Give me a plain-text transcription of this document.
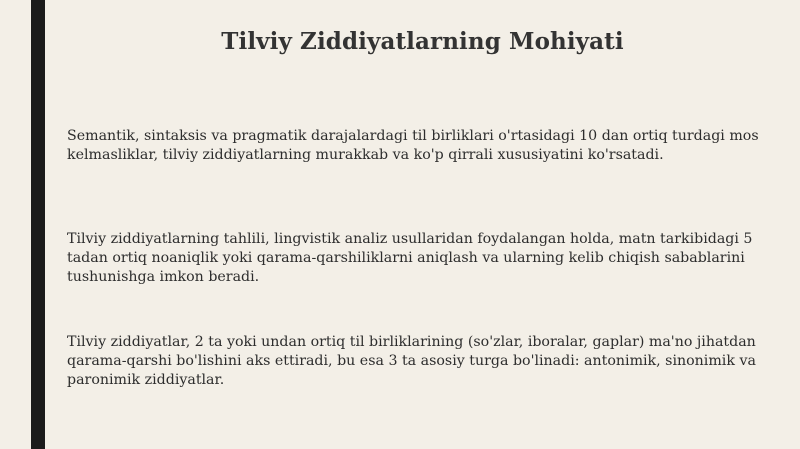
Tilviy Ziddiyatlarning Mohiyati
Semantik, sintaksis va pragmatik darajalardagi til birliklari o'rtasidagi 10 dan ortiq turdagi mos kelmasliklar, tilviy ziddiyatlarning murakkab va ko'p qirrali xususiyatini ko'rsatadi.
Tilviy ziddiyatlarning tahlili, lingvistik analiz usullaridan foydalangan holda, matn tarkibidagi 5 tadan ortiq noaniqlik yoki qarama-qarshiliklarni aniqlash va ularning kelib chiqish sabablarini tushunishga imkon beradi.
Tilviy ziddiyatlar, 2 ta yoki undan ortiq til birliklarining (so'zlar, iboralar, gaplar) ma'no jihatdan qarama-qarshi bo'lishini aks ettiradi, bu esa 3 ta asosiy turga bo'linadi: antonimik, sinonimik va paronimik ziddiyatlar.
